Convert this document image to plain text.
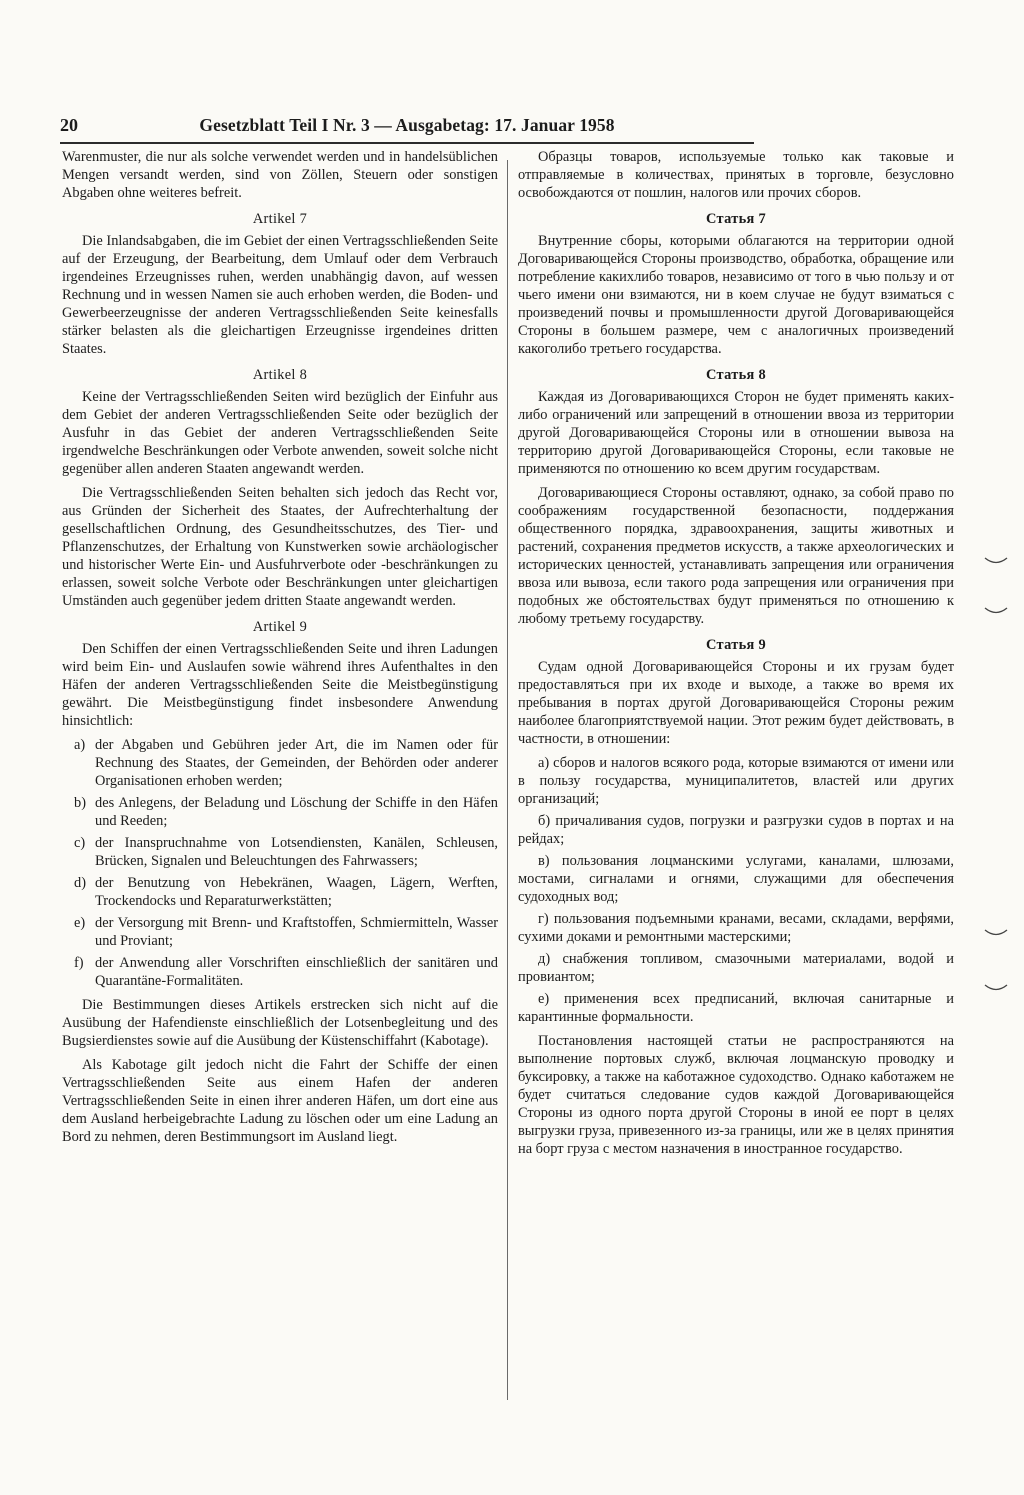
20	Gesetzblatt Teil I Nr. 3 — Ausgabetag: 17. Januar 1958

Warenmuster, die nur als solche verwendet werden und in handelsüblichen Mengen versandt werden, sind von Zöllen, Steuern oder sonstigen Abgaben ohne weiteres befreit.

Artikel 7

Die Inlandsabgaben, die im Gebiet der einen Vertragsschließenden Seite auf der Erzeugung, der Bearbeitung, dem Umlauf oder dem Verbrauch irgendeines Erzeugnisses ruhen, werden unabhängig davon, auf wessen Rechnung und in wessen Namen sie auch erhoben werden, die Boden- und Gewerbeerzeugnisse der anderen Vertragsschließenden Seite keinesfalls stärker belasten als die gleichartigen Erzeugnisse irgendeines dritten Staates.

Artikel 8

Keine der Vertragsschließenden Seiten wird bezüglich der Einfuhr aus dem Gebiet der anderen Vertragsschließenden Seite oder bezüglich der Ausfuhr in das Gebiet der anderen Vertragsschließenden Seite irgendwelche Beschränkungen oder Verbote anwenden, soweit solche nicht gegenüber allen anderen Staaten angewandt werden.

Die Vertragsschließenden Seiten behalten sich jedoch das Recht vor, aus Gründen der Sicherheit des Staates, der Aufrechterhaltung der gesellschaftlichen Ordnung, des Gesundheitsschutzes, des Tier- und Pflanzenschutzes, der Erhaltung von Kunstwerken sowie archäologischer und historischer Werte Ein- und Ausfuhrverbote oder -beschränkungen zu erlassen, soweit solche Verbote oder Beschränkungen unter gleichartigen Umständen auch gegenüber jedem dritten Staate angewandt werden.

Artikel 9

Den Schiffen der einen Vertragsschließenden Seite und ihren Ladungen wird beim Ein- und Auslaufen sowie während ihres Aufenthaltes in den Häfen der anderen Vertragsschließenden Seite die Meistbegünstigung gewährt. Die Meistbegünstigung findet insbesondere Anwendung hinsichtlich:

a) der Abgaben und Gebühren jeder Art, die im Namen oder für Rechnung des Staates, der Gemeinden, der Behörden oder anderer Organisationen erhoben werden;
b) des Anlegens, der Beladung und Löschung der Schiffe in den Häfen und Reeden;
c) der Inanspruchnahme von Lotsendiensten, Kanälen, Schleusen, Brücken, Signalen und Beleuchtungen des Fahrwassers;
d) der Benutzung von Hebekränen, Waagen, Lägern, Werften, Trockendocks und Reparaturwerkstätten;
e) der Versorgung mit Brenn- und Kraftstoffen, Schmiermitteln, Wasser und Proviant;
f) der Anwendung aller Vorschriften einschließlich der sanitären und Quarantäne-Formalitäten.

Die Bestimmungen dieses Artikels erstrecken sich nicht auf die Ausübung der Hafendienste einschließlich der Lotsenbegleitung und des Bugsierdienstes sowie auf die Ausübung der Küstenschiffahrt (Kabotage).

Als Kabotage gilt jedoch nicht die Fahrt der Schiffe der einen Vertragsschließenden Seite aus einem Hafen der anderen Vertragsschließenden Seite in einen ihrer anderen Häfen, um dort eine aus dem Ausland herbeigebrachte Ladung zu löschen oder um eine Ladung an Bord zu nehmen, deren Bestimmungsort im Ausland liegt.

Образцы товаров, используемые только как таковые и отправляемые в количествах, принятых в торговле, безусловно освобождаются от пошлин, налогов или прочих сборов.

Статья 7

Внутренние сборы, которыми облагаются на территории одной Договаривающейся Стороны производство, обработка, обращение или потребление какихлибо товаров, независимо от того в чью пользу и от чьего имени они взимаются, ни в коем случае не будут взиматься с произведений почвы и промышленности другой Договаривающейся Стороны в большем размере, чем с аналогичных произведений какоголибо третьего государства.

Статья 8

Каждая из Договаривающихся Сторон не будет применять каких-либо ограничений или запрещений в отношении ввоза из территории другой Договаривающейся Стороны или в отношении вывоза на территорию другой Договаривающейся Стороны, если таковые не применяются по отношению ко всем другим государствам.

Договаривающиеся Стороны оставляют, однако, за собой право по соображениям государственной безопасности, поддержания общественного порядка, здравоохранения, защиты животных и растений, сохранения предметов искусств, а также археологических и исторических ценностей, устанавливать запрещения или ограничения ввоза или вывоза, если такого рода запрещения или ограничения при подобных же обстоятельствах будут применяться по отношению к любому третьему государству.

Статья 9

Судам одной Договаривающейся Стороны и их грузам будет предоставляться при их входе и выходе, а также во время их пребывания в портах другой Договаривающейся Стороны режим наиболее благоприятствуемой нации. Этот режим будет действовать, в частности, в отношении:

а) сборов и налогов всякого рода, которые взимаются от имени или в пользу государства, муниципалитетов, властей или других организаций;
б) причаливания судов, погрузки и разгрузки судов в портах и на рейдах;
в) пользования лоцманскими услугами, каналами, шлюзами, мостами, сигналами и огнями, служащими для обеспечения судоходных вод;
г) пользования подъемными кранами, весами, складами, верфями, сухими доками и ремонтными мастерскими;
д) снабжения топливом, смазочными материалами, водой и провиантом;
е) применения всех предписаний, включая санитарные и карантинные формальности.

Постановления настоящей статьи не распространяются на выполнение портовых служб, включая лоцманскую проводку и буксировку, а также на каботажное судоходство. Однако каботажем не будет считаться следование судов каждой Договаривающейся Стороны из одного порта другой Стороны в иной ее порт в целях выгрузки груза, привезенного из-за границы, или же в целях принятия на борт груза с местом назначения в иностранное государство.
